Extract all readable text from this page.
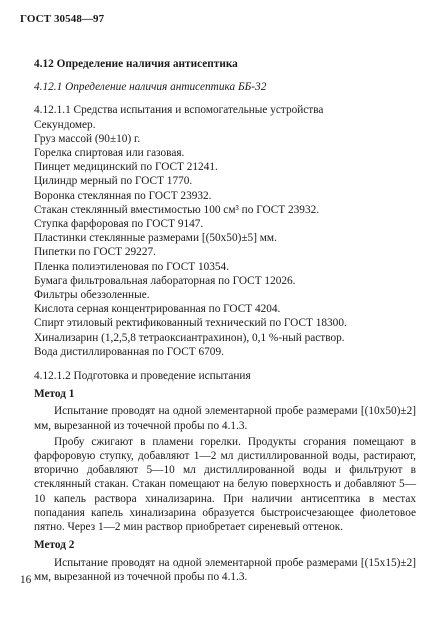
ГОСТ 30548—97

4.12 Определение наличия антисептика

4.12.1 Определение наличия антисептика ББ-32

4.12.1.1 Средства испытания и вспомогательные устройства

Секундомер.

Груз массой (90±10) г.

Горелка спиртовая или газовая.

Пинцет медицинский по ГОСТ 21241.

Цилиндр мерный по ГОСТ 1770.

Воронка стеклянная по ГОСТ 23932.

Стакан стеклянный вместимостью 100 см³ по ГОСТ 23932.

Ступка фарфоровая по ГОСТ 9147.

Пластинки стеклянные размерами [(50х50)±5] мм.

Пипетки по ГОСТ 29227.

Пленка полиэтиленовая по ГОСТ 10354.

Бумага фильтровальная лабораторная по ГОСТ 12026.

Фильтры обеззоленные.

Кислота серная концентрированная по ГОСТ 4204.

Спирт этиловый ректификованный технический по ГОСТ 18300.

Хинализарин (1,2,5,8 тетраоксиантрахинон), 0,1 %-ный раствор.

Вода дистиллированная по ГОСТ 6709.

4.12.1.2 Подготовка и проведение испытания

Метод 1

Испытание проводят на одной элементарной пробе размерами [(10х50)±2] мм, вырезанной из точечной пробы по 4.1.3.

Пробу сжигают в пламени горелки. Продукты сгорания помещают в фарфоровую ступку, добавляют 1—2 мл дистиллированной воды, растирают, вторично добавляют 5—10 мл дистиллированной воды и фильтруют в стеклянный стакан. Стакан помещают на белую поверхность и добавляют 5—10 капель раствора хинализарина. При наличии антисептика в местах попадания капель хинализарина образуется быстроисчезающее фиолетовое пятно. Через 1—2 мин раствор приобретает сиреневый оттенок.

Метод 2

Испытание проводят на одной элементарной пробе размерами [(15х15)±2] мм, вырезанной из точечной пробы по 4.1.3.

16
